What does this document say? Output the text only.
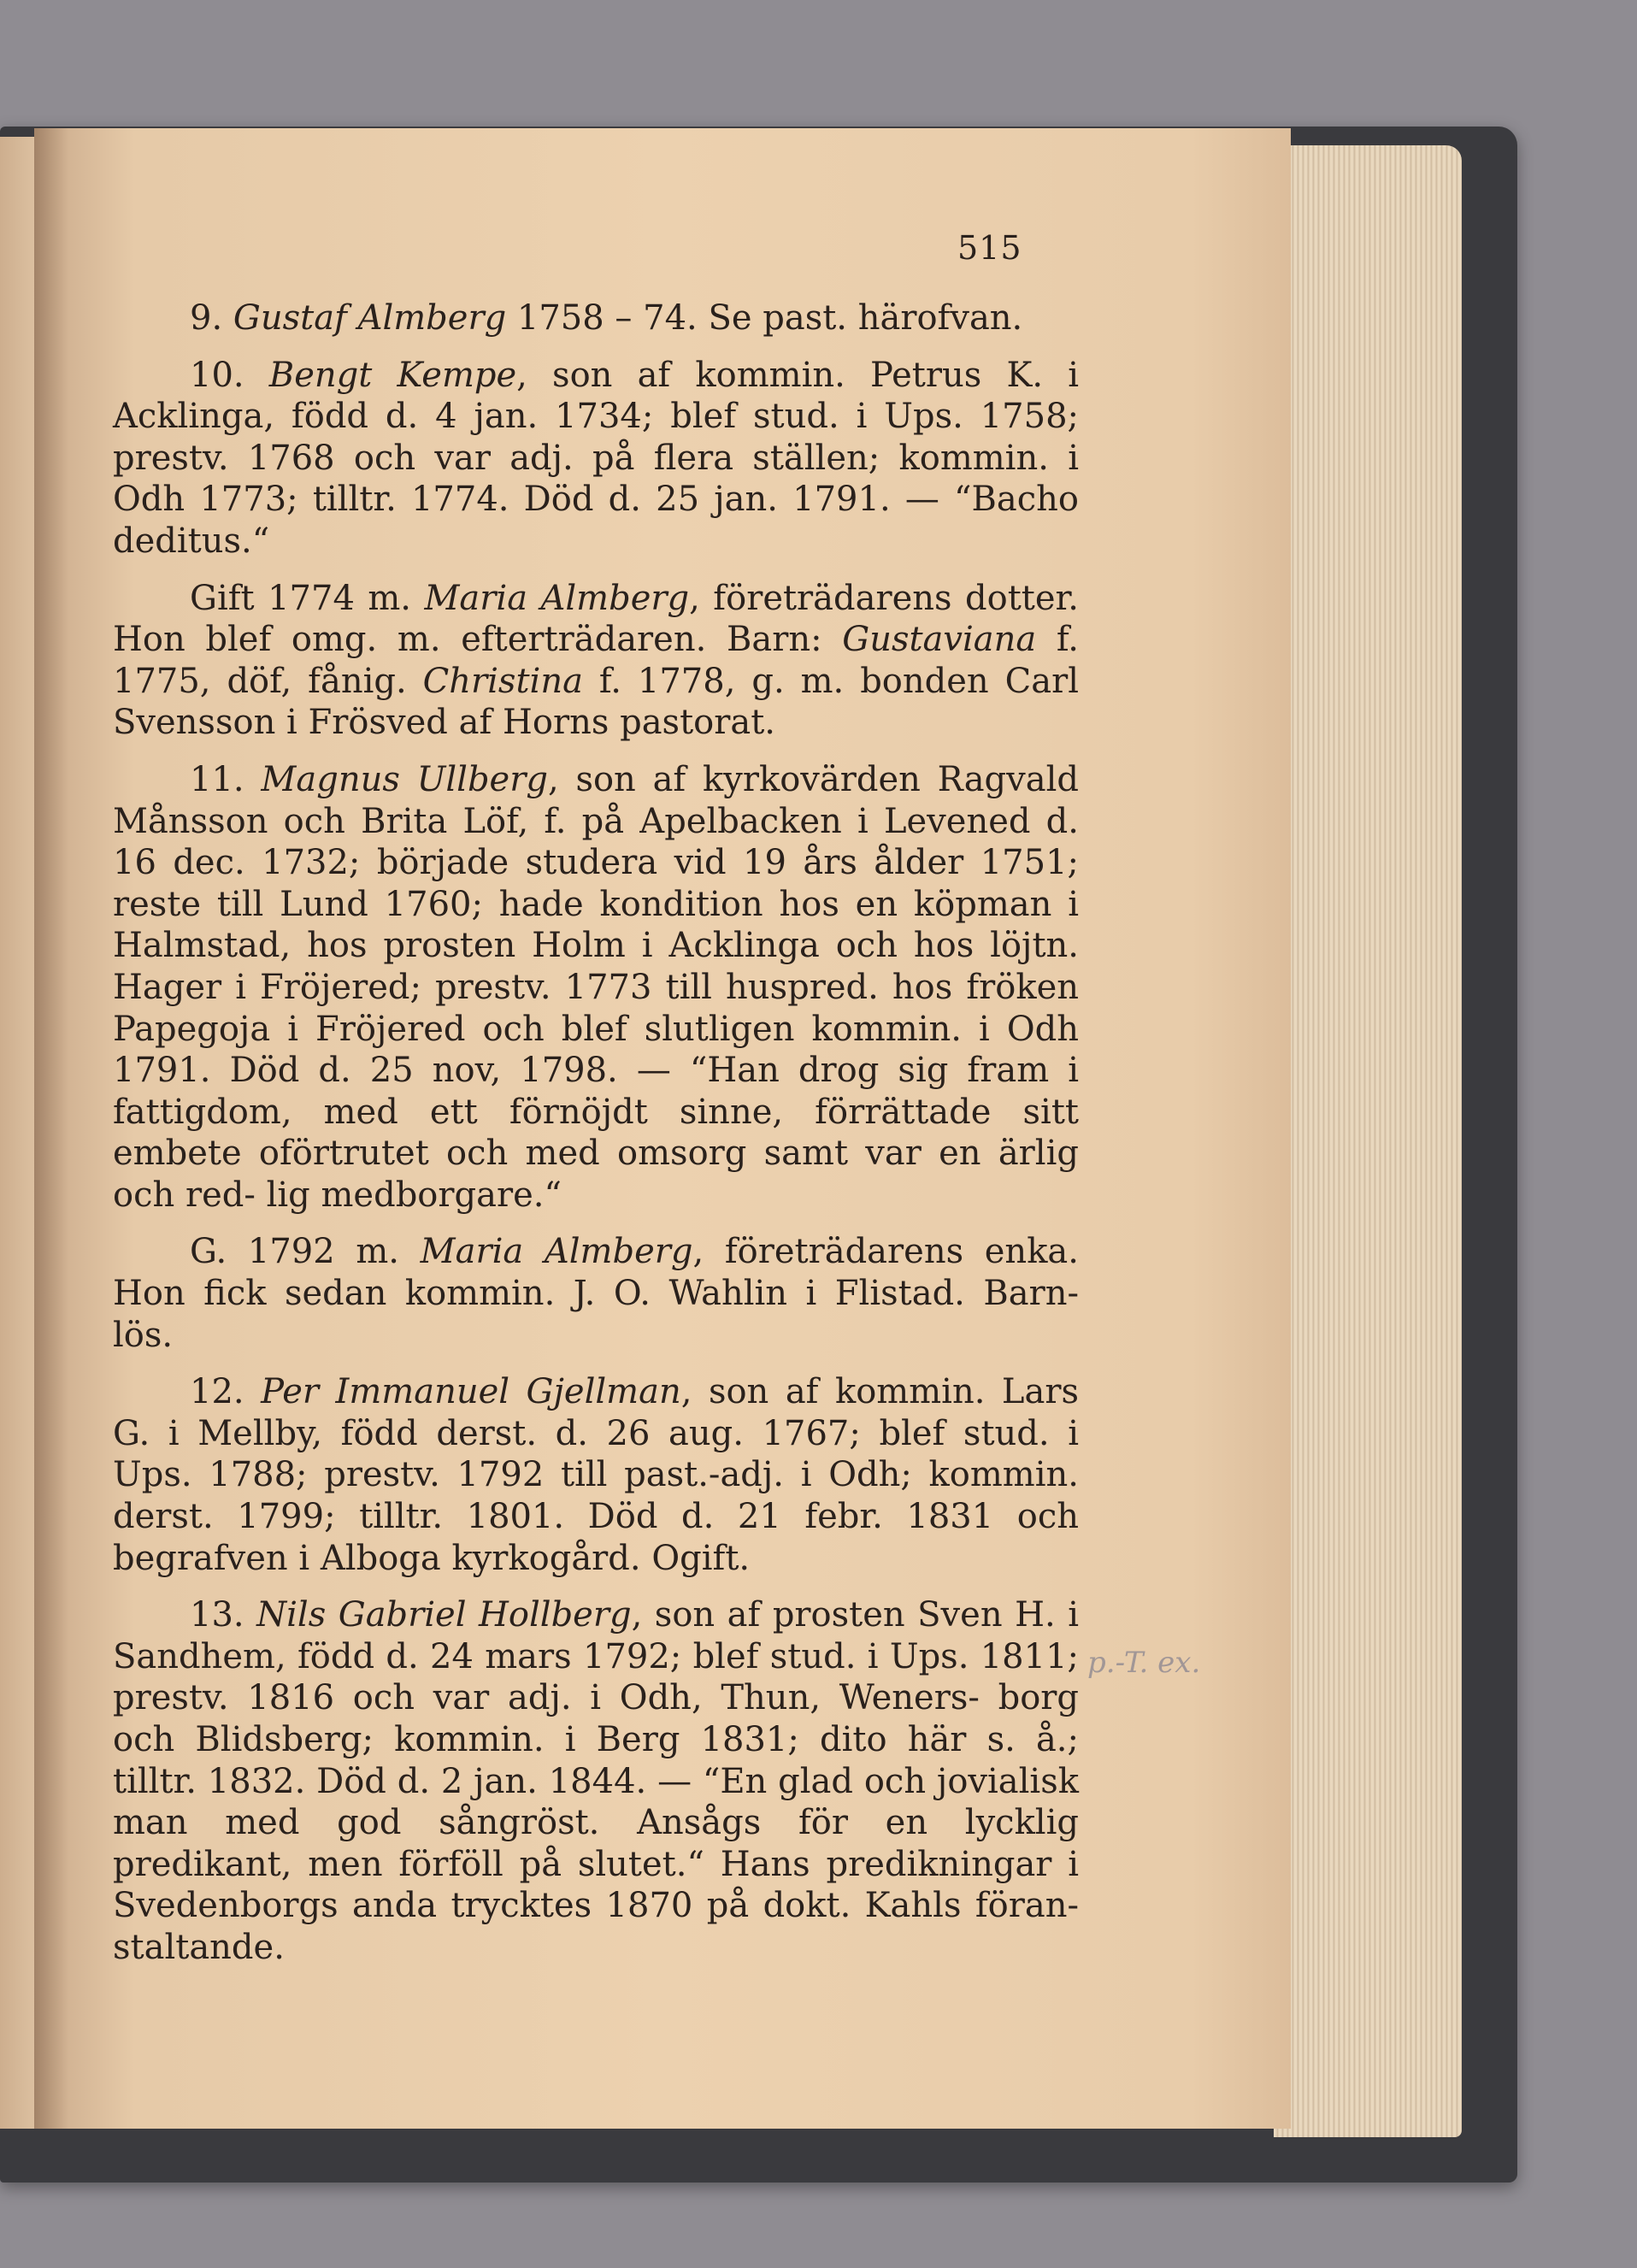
515

9. Gustaf Almberg 1758 – 74. Se past. härofvan.

10. Bengt Kempe, son af kommin. Petrus K. i Acklinga, född d. 4 jan. 1734; blef stud. i Ups. 1758; prestv. 1768 och var adj. på flera ställen; kommin. i Odh 1773; tilltr. 1774. Död d. 25 jan. 1791. — “Bacho deditus.“

Gift 1774 m. Maria Almberg, företrädarens dotter. Hon blef omg. m. efterträdaren. Barn: Gustaviana f. 1775, döf, fånig. Christina f. 1778, g. m. bonden Carl Svensson i Frösved af Horns pastorat.

11. Magnus Ullberg, son af kyrkovärden Ragvald Månsson och Brita Löf, f. på Apelbacken i Levened d. 16 dec. 1732; började studera vid 19 års ålder 1751; reste till Lund 1760; hade kondition hos en köpman i Halmstad, hos prosten Holm i Acklinga och hos löjtn. Hager i Fröjered; prestv. 1773 till huspred. hos fröken Papegoja i Fröjered och blef slutligen kommin. i Odh 1791. Död d. 25 nov, 1798. — “Han drog sig fram i fattigdom, med ett förnöjdt sinne, förrättade sitt embete oförtrutet och med omsorg samt var en ärlig och red- lig medborgare.“

G. 1792 m. Maria Almberg, företrädarens enka. Hon fick sedan kommin. J. O. Wahlin i Flistad. Barn- lös.

12. Per Immanuel Gjellman, son af kommin. Lars G. i Mellby, född derst. d. 26 aug. 1767; blef stud. i Ups. 1788; prestv. 1792 till past.-adj. i Odh; kommin. derst. 1799; tilltr. 1801. Död d. 21 febr. 1831 och begrafven i Alboga kyrkogård. Ogift.

13. Nils Gabriel Hollberg, son af prosten Sven H. i Sandhem, född d. 24 mars 1792; blef stud. i Ups. 1811; prestv. 1816 och var adj. i Odh, Thun, Weners- borg och Blidsberg; kommin. i Berg 1831; dito här s. å.; tilltr. 1832. Död d. 2 jan. 1844. — “En glad och jovialisk man med god sångröst. Ansågs för en lycklig predikant, men förföll på slutet.“ Hans predikningar i Svedenborgs anda trycktes 1870 på dokt. Kahls föran- staltande.

p.-T. ex.
